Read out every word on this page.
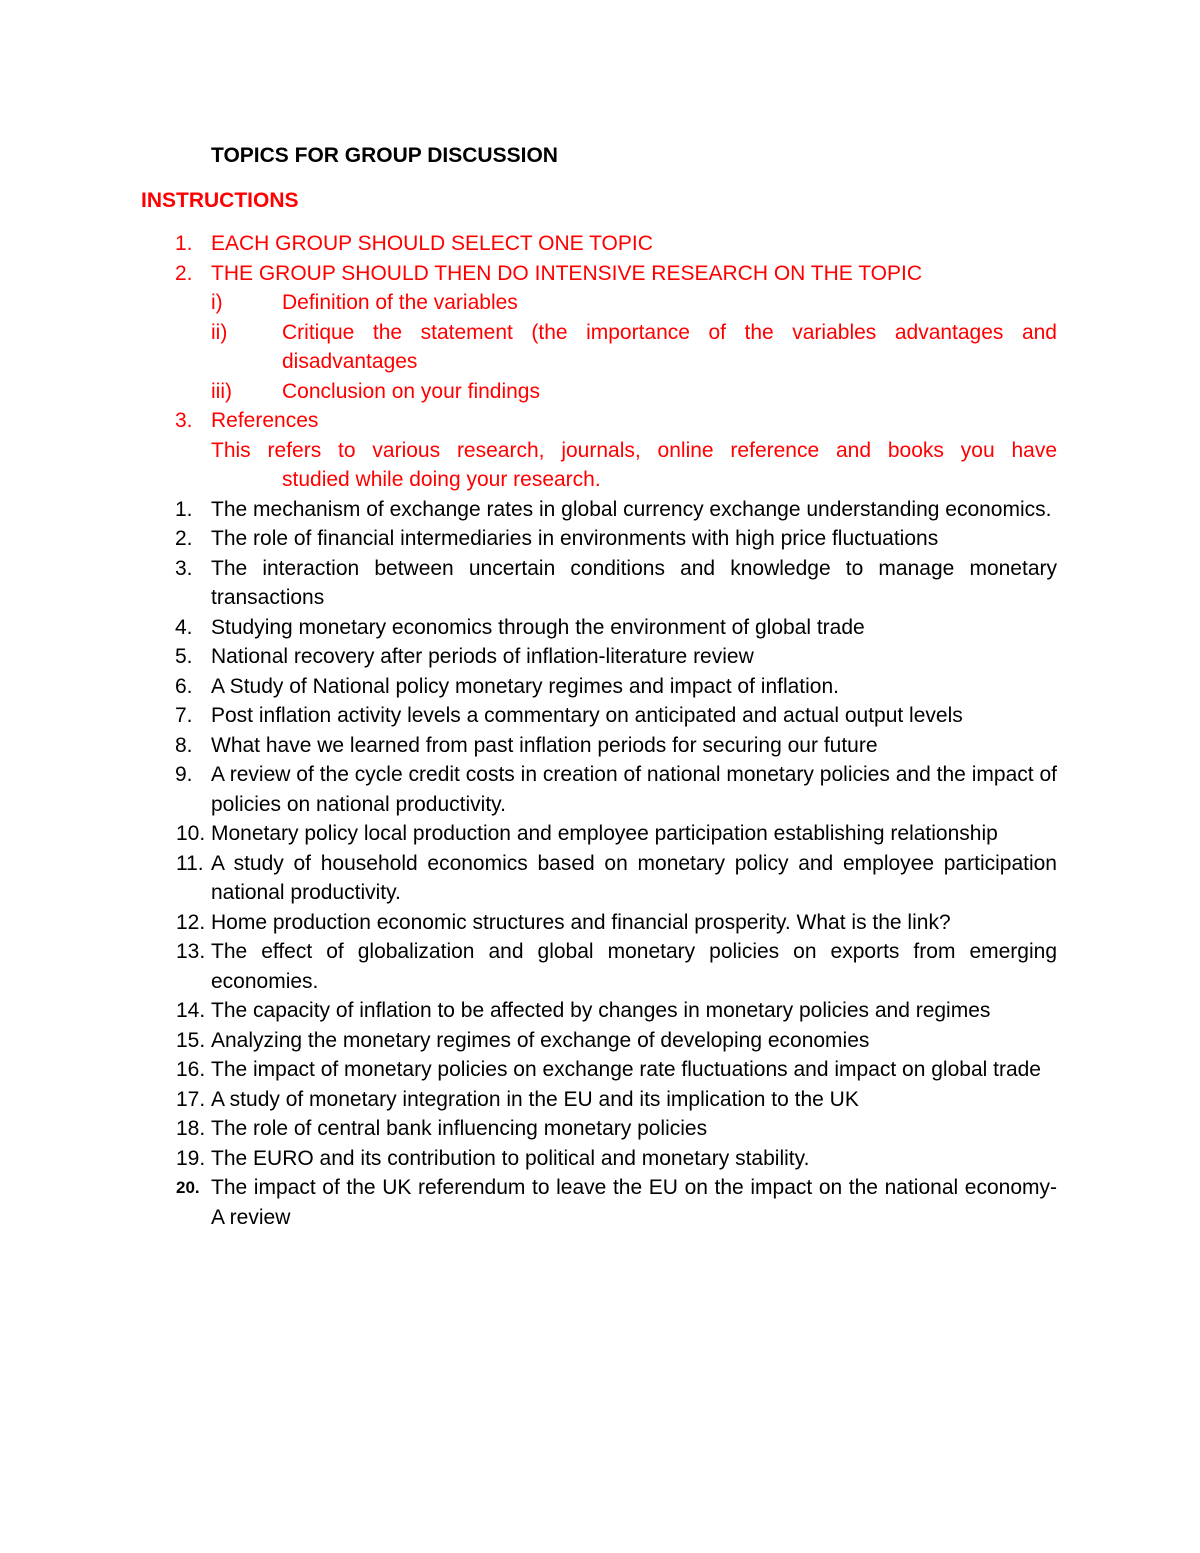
TOPICS FOR GROUP DISCUSSION
INSTRUCTIONS
1. EACH GROUP SHOULD SELECT ONE TOPIC
2. THE GROUP SHOULD THEN DO INTENSIVE RESEARCH ON THE TOPIC
i)	Definition of the variables
ii)	Critique the statement (the importance of the variables advantages and disadvantages
iii) Conclusion on your findings
3. References
This refers to various research, journals, online reference and books you have
studied while doing your research.
1. The mechanism of exchange rates in global currency exchange understanding economics.
2. The role of financial intermediaries in environments with high price fluctuations
3. The interaction between uncertain conditions and knowledge to manage monetary transactions
4. Studying monetary economics through the environment of global trade
5. National recovery after periods of inflation-literature review
6. A Study of National policy monetary regimes and impact of inflation.
7. Post inflation activity levels a commentary on anticipated and actual output levels
8. What have we learned from past inflation periods for securing our future
9. A review of the cycle credit costs in creation of national monetary policies and the impact of policies on national productivity.
10. Monetary policy local production and employee participation establishing relationship
11. A study of household economics based on monetary policy and employee participation national productivity.
12. Home production economic structures and financial prosperity. What is the link?
13. The effect of globalization and global monetary policies on exports from emerging economies.
14. The capacity of inflation to be affected by changes in monetary policies and regimes
15. Analyzing the monetary regimes of exchange of developing economies
16. The impact of monetary policies on exchange rate fluctuations and impact on global trade
17. A study of monetary integration in the EU and its implication to the UK
18. The role of central bank influencing monetary policies
19. The EURO and its contribution to political and monetary stability.
20. The impact of the UK referendum to leave the EU on the impact on the national economy- A review
